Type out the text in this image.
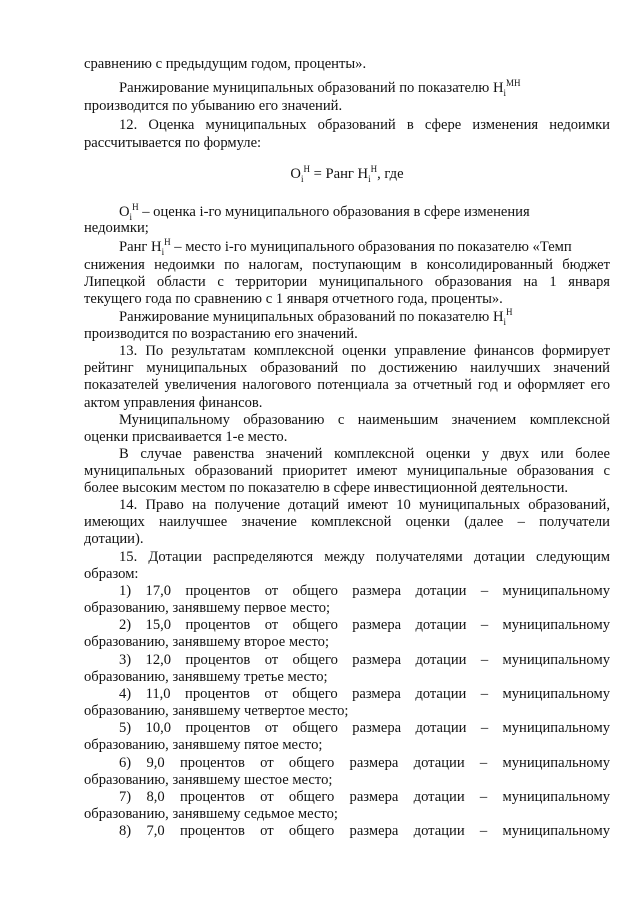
сравнению с предыдущим годом, проценты».
Ранжирование муниципальных образований по показателю $Н_i^{МН}$
производится по убыванию его значений.
12. Оценка муниципальных образований в сфере изменения недоимки
рассчитывается по формуле:
$О_i^Н$ = Ранг $Н_i^Н$, где
$О_i^Н$ – оценка i-го муниципального образования в сфере изменения
недоимки;
Ранг $Н_i^Н$ – место i-го муниципального образования по показателю «Темп
снижения недоимки по налогам, поступающим в консолидированный бюджет
Липецкой области с территории муниципального образования на 1 января
текущего года по сравнению с 1 января отчетного года, проценты».
Ранжирование муниципальных образований по показателю $Н_i^Н$
производится по возрастанию его значений.
13. По результатам комплексной оценки управление финансов формирует
рейтинг муниципальных образований по достижению наилучших значений
показателей увеличения налогового потенциала за отчетный год и оформляет его
актом управления финансов.
Муниципальному образованию с наименьшим значением комплексной
оценки присваивается 1-е место.
В случае равенства значений комплексной оценки у двух или более
муниципальных образований приоритет имеют муниципальные образования с
более высоким местом по показателю в сфере инвестиционной деятельности.
14. Право на получение дотаций имеют 10 муниципальных образований,
имеющих наилучшее значение комплексной оценки (далее – получатели
дотации).
15. Дотации распределяются между получателями дотации следующим
образом:
1) 17,0 процентов от общего размера дотации – муниципальному
образованию, занявшему первое место;
2) 15,0 процентов от общего размера дотации – муниципальному
образованию, занявшему второе место;
3) 12,0 процентов от общего размера дотации – муниципальному
образованию, занявшему третье место;
4) 11,0 процентов от общего размера дотации – муниципальному
образованию, занявшему четвертое место;
5) 10,0 процентов от общего размера дотации – муниципальному
образованию, занявшему пятое место;
6) 9,0 процентов от общего размера дотации – муниципальному
образованию, занявшему шестое место;
7) 8,0 процентов от общего размера дотации – муниципальному
образованию, занявшему седьмое место;
8) 7,0 процентов от общего размера дотации – муниципальному
